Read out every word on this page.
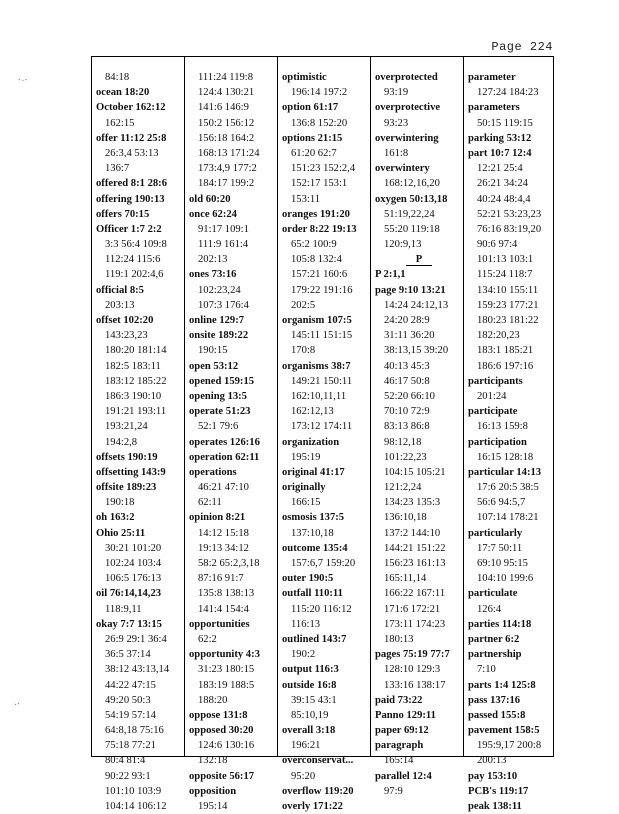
Page 224
84:18
ocean 18:20
October 162:12
162:15
offer 11:12 25:8
26:3,4 53:13
136:7
offered 8:1 28:6
offering 190:13
offers 70:15
Officer 1:7 2:2
3:3 56:4 109:8
112:24 115:6
119:1 202:4,6
official 8:5
203:13
offset 102:20
143:23,23
180:20 181:14
182:5 183:11
183:12 185:22
186:3 190:10
191:21 193:11
193:21,24
194:2,8
offsets 190:19
offsetting 143:9
offsite 189:23
190:18
oh 163:2
Ohio 25:11
30:21 101:20
102:24 103:4
106:5 176:13
oil 76:14,14,23
118:9,11
okay 7:7 13:15
26:9 29:1 36:4
36:5 37:14
38:12 43:13,14
44:22 47:15
49:20 50:3
54:19 57:14
64:8,18 75:16
75:18 77:21
80:4 81:4
90:22 93:1
101:10 103:9
104:14 106:12
111:24 119:8
124:4 130:21
141:6 146:9
150:2 156:12
156:18 164:2
168:13 171:24
173:4,9 177:2
184:17 199:2
old 60:20
once 62:24
91:17 109:1
111:9 161:4
202:13
ones 73:16
102:23,24
107:3 176:4
online 129:7
onsite 189:22
190:15
open 53:12
opened 159:15
opening 13:5
operate 51:23
52:1 79:6
operates 126:16
operation 62:11
operations
46:21 47:10
62:11
opinion 8:21
14:12 15:18
19:13 34:12
58:2 65:2,3,18
87:16 91:7
135:8 138:13
141:4 154:4
opportunities
62:2
opportunity 4:3
31:23 180:15
183:19 188:5
188:20
oppose 131:8
opposed 30:20
124:6 130:16
132:18
opposite 56:17
opposition
195:14
optimistic
196:14 197:2
option 61:17
136:8 152:20
options 21:15
61:20 62:7
151:23 152:2,4
152:17 153:1
153:11
oranges 191:20
order 8:22 19:13
65:2 100:9
105:8 132:4
157:21 160:6
179:22 191:16
202:5
organism 107:5
145:11 151:15
170:8
organisms 38:7
149:21 150:11
162:10,11,11
162:12,13
173:12 174:11
organization
195:19
original 41:17
originally
166:15
osmosis 137:5
137:10,18
outcome 135:4
157:6,7 159:20
outer 190:5
outfall 110:11
115:20 116:12
116:13
outlined 143:7
190:2
output 116:3
outside 16:8
39:15 43:1
85:10,19
overall 3:18
196:21
overconservat...
95:20
overflow 119:20
overly 171:22
overprotected
93:19
overprotective
93:23
overwintering
161:8
overwintery
168:12,16,20
oxygen 50:13,18
51:19,22,24
55:20 119:18
120:9,13
P
P 2:1,1
page 9:10 13:21
14:24 24:12,13
24:20 28:9
31:11 36:20
38:13,15 39:20
40:13 45:3
46:17 50:8
52:20 66:10
70:10 72:9
83:13 86:8
98:12,18
101:22,23
104:15 105:21
121:2,24
134:23 135:3
136:10,18
137:2 144:10
144:21 151:22
156:23 161:13
165:11,14
166:22 167:11
171:6 172:21
173:11 174:23
180:13
pages 75:19 77:7
128:10 129:3
133:16 138:17
paid 73:22
Panno 129:11
paper 69:12
paragraph
165:14
parallel 12:4
97:9
parameter
127:24 184:23
parameters
50:15 119:15
parking 53:12
part 10:7 12:4
12:21 25:4
26:21 34:24
40:24 48:4,4
52:21 53:23,23
76:16 83:19,20
90:6 97:4
101:13 103:1
115:24 118:7
134:10 155:11
159:23 177:21
180:23 181:22
182:20,23
183:1 185:21
186:6 197:16
participants
201:24
participate
16:13 159:8
participation
16:15 128:18
particular 14:13
17:6 20:5 38:5
56:6 94:5,7
107:14 178:21
particularly
17:7 50:11
69:10 95:15
104:10 199:6
particulate
126:4
parties 114:18
partner 6:2
partnership
7:10
parts 1:4 125:8
pass 137:16
passed 155:8
pavement 158:5
195:9,17 200:8
200:13
pay 153:10
PCB's 119:17
peak 138:11
ˑ·ˑ
·ˑ
